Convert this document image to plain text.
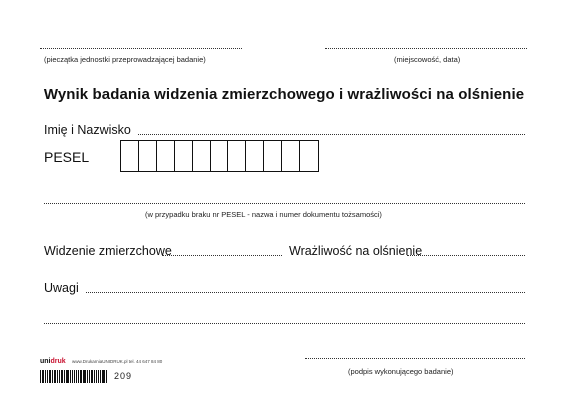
(pieczątka jednostki przeprowadzającej badanie)	(miejscowość, data)
Wynik badania widzenia zmierzchowego i wrażliwości na olśnienie
Imię i Nazwisko
PESEL
(w przypadku braku nr PESEL - nazwa i numer dokumentu tożsamości)
Widzenie zmierzchowe	Wrażliwość na olśnienie
Uwagi
(podpis wykonującego badanie)
unidruk www.DrukarniaUNIDRUK.pl tel. 44 647 84 80
209
